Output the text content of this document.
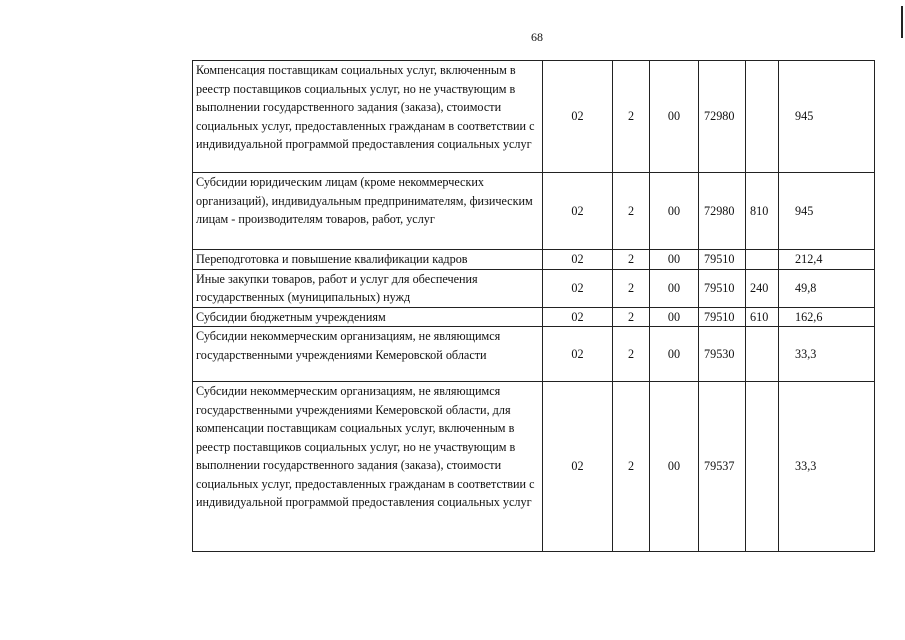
68
Компенсация поставщикам социальных услуг, включенным в реестр поставщиков социальных услуг, но не участвующим в выполнении государственного задания (заказа), стоимости социальных услуг, предоставленных гражданам в соответствии с индивидуальной программой предоставления социальных услуг	02	2	00	72980		945
Субсидии юридическим лицам (кроме некоммерческих организаций), индивидуальным предпринимателям, физическим лицам - производителям товаров, работ, услуг	02	2	00	72980	810	945
Переподготовка и повышение квалификации кадров	02	2	00	79510		212,4
Иные закупки товаров, работ и услуг для обеспечения государственных (муниципальных) нужд	02	2	00	79510	240	49,8
Субсидии бюджетным учреждениям	02	2	00	79510	610	162,6
Субсидии некоммерческим организациям, не являющимся государственными учреждениями Кемеровской области	02	2	00	79530		33,3
Субсидии некоммерческим организациям, не являющимся государственными учреждениями Кемеровской области, для компенсации поставщикам социальных услуг, включенным в реестр поставщиков социальных услуг, но не участвующим в выполнении государственного задания (заказа), стоимости социальных услуг, предоставленных гражданам в соответствии с индивидуальной программой предоставления социальных услуг	02	2	00	79537		33,3
